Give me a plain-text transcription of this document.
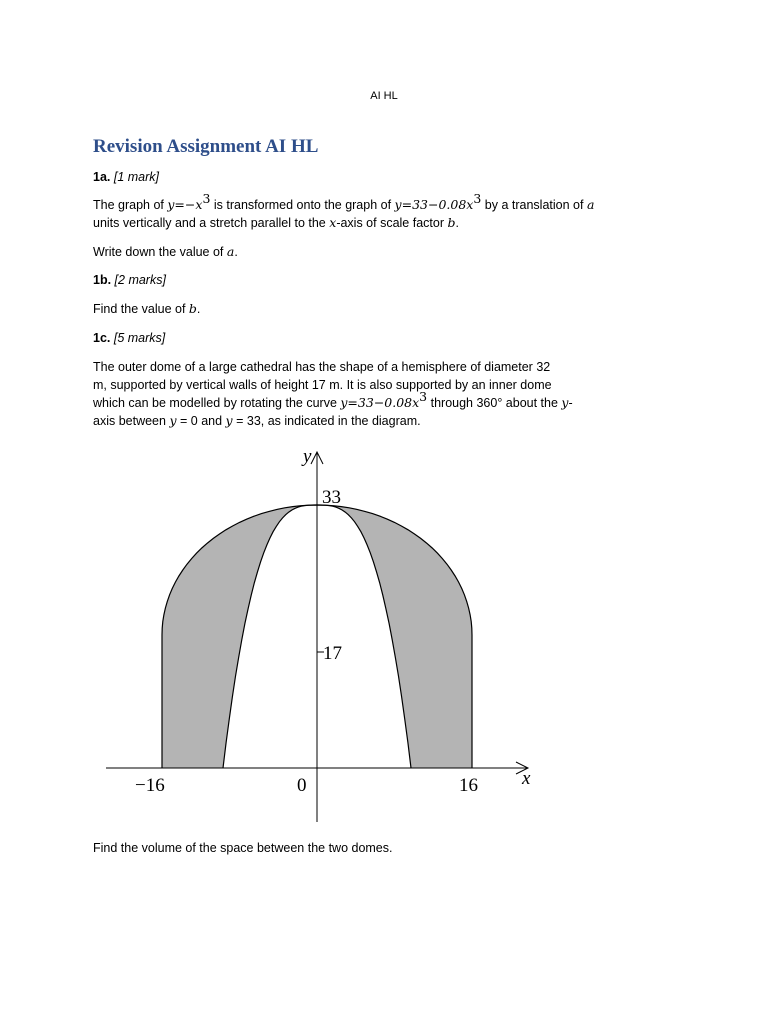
AI HL
Revision Assignment AI HL
1a. [1 mark]
The graph of $y=-x^3$ is transformed onto the graph of $y=33-0.08x^3$ by a translation of a
units vertically and a stretch parallel to the x-axis of scale factor b.
Write down the value of a.
1b. [2 marks]
Find the value of b.
1c. [5 marks]
The outer dome of a large cathedral has the shape of a hemisphere of diameter 32
m, supported by vertical walls of height 17 m. It is also supported by an inner dome
which can be modelled by rotating the curve $y=33-0.08x^3$ through 360° about the y-
axis between y = 0 and y = 33, as indicated in the diagram.
y
x
33
17
−16	0	16
Find the volume of the space between the two domes.
